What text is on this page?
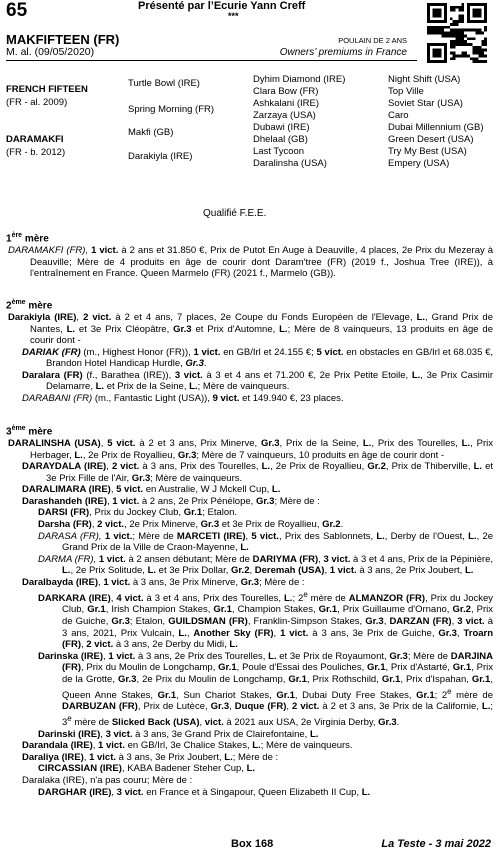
65	Présenté par l’Ecurie Yann Creff
***
MAKFIFTEEN (FR)
M. al. (09/05/2020)
POULAIN DE 2 ANS
Owners’ premiums in France
FRENCH FIFTEEN
(FR - al. 2009)
DARAMAKFI
(FR - b. 2012)
Turtle Bowl (IRE)
Spring Morning (FR)
Makfi (GB)
Darakiyla (IRE)
Dyhim Diamond (IRE)
Clara Bow (FR)
Ashkalani (IRE)
Zarzaya (USA)
Dubawi (IRE)
Dhelaal (GB)
Last Tycoon
Daralinsha (USA)
Night Shift (USA)
Top Ville
Soviet Star (USA)
Caro
Dubai Millennium (GB)
Green Desert (USA)
Try My Best (USA)
Empery (USA)
Qualifié F.E.E.
1ère mère

DARAMAKFI (FR), 1 vict. à 2 ans et 31.850 €, Prix de Putot En Auge à Deauville, 4 places, 2e Prix du Mezeray à Deauville; Mère de 4 produits en âge de courir dont Daram'tree (FR) (2019 f., Joshua Tree (IRE)), à l'entraînement en France. Queen Marmelo (FR) (2021 f., Marmelo (GB)).

2ème mère

Darakiyla (IRE), 2 vict. à 2 et 4 ans, 7 places, 2e Coupe du Fonds Européen de l'Elevage, L., Grand Prix de Nantes, L. et 3e Prix Cléopâtre, Gr.3 et Prix d'Automne, L.; Mère de 8 vainqueurs, 13 produits en âge de courir dont -

DARIAK (FR) (m., Highest Honor (FR)), 1 vict. en GB/Irl et 24.155 €; 5 vict. en obstacles en GB/Irl et 68.035 €, Brandon Hotel Handicap Hurdle, Gr.3.

Daralara (FR) (f., Barathea (IRE)), 3 vict. à 3 et 4 ans et 71.200 €, 2e Prix Petite Etoile, L., 3e Prix Casimir Delamarre, L. et Prix de la Seine, L.; Mère de vainqueurs.

DARABANI (FR) (m., Fantastic Light (USA)), 9 vict. et 149.940 €, 23 places.

3ème mère

DARALINSHA (USA), 5 vict. à 2 et 3 ans, Prix Minerve, Gr.3, Prix de la Seine, L., Prix des Tourelles, L., Prix Herbager, L., 2e Prix de Royallieu, Gr.3; Mère de 7 vainqueurs, 10 produits en âge de courir dont -

DARAYDALA (IRE), 2 vict. à 3 ans, Prix des Tourelles, L., 2e Prix de Royallieu, Gr.2, Prix de Thiberville, L. et 3e Prix Fille de l'Air, Gr.3; Mère de vainqueurs.

DARALIMARA (IRE), 5 vict. en Australie, W J Mckell Cup, L.

Darashandeh (IRE), 1 vict. à 2 ans, 2e Prix Pénélope, Gr.3; Mère de :

DARSI (FR), Prix du Jockey Club, Gr.1; Etalon.

Darsha (FR), 2 vict., 2e Prix Minerve, Gr.3 et 3e Prix de Royallieu, Gr.2.

DARASA (FR), 1 vict.; Mère de MARCETI (IRE), 5 vict., Prix des Sablonnets, L., Derby de l'Ouest, L., 2e Grand Prix de la Ville de Craon-Mayenne, L.

DARMA (FR), 1 vict. à 2 ansen débutant; Mère de DARIYMA (FR), 3 vict. à 3 et 4 ans, Prix de la Pépinière, L., 2e Prix Solitude, L. et 3e Prix Dollar, Gr.2, Deremah (USA), 1 vict. à 3 ans, 2e Prix Joubert, L.

Daralbayda (IRE), 1 vict. à 3 ans, 3e Prix Minerve, Gr.3; Mère de :

DARKARA (IRE), 4 vict. à 3 et 4 ans, Prix des Tourelles, L.; 2e mère de ALMANZOR (FR), Prix du Jockey Club, Gr.1, Irish Champion Stakes, Gr.1, Champion Stakes, Gr.1, Prix Guillaume d'Ornano, Gr.2, Prix de Guiche, Gr.3; Etalon, GUILDSMAN (FR), Franklin-Simpson Stakes, Gr.3, DARZAN (FR), 3 vict. à 3 ans, 2021, Prix Vulcain, L., Another Sky (FR), 1 vict. à 3 ans, 3e Prix de Guiche, Gr.3, Troarn (FR), 2 vict. à 3 ans, 2e Derby du Midi, L.

Darinska (IRE), 1 vict. à 3 ans, 2e Prix des Tourelles, L. et 3e Prix de Royaumont, Gr.3; Mère de DARJINA (FR), Prix du Moulin de Longchamp, Gr.1, Poule d'Essai des Pouliches, Gr.1, Prix d'Astarté, Gr.1, Prix de la Grotte, Gr.3, 2e Prix du Moulin de Longchamp, Gr.1, Prix Rothschild, Gr.1, Prix d'Ispahan, Gr.1, Queen Anne Stakes, Gr.1, Sun Chariot Stakes, Gr.1, Dubai Duty Free Stakes, Gr.1; 2e mère de DARBUZAN (FR), Prix de Lutèce, Gr.3, Duque (FR), 2 vict. à 2 et 3 ans, 3e Prix de la Californie, L.; 3e mère de Slicked Back (USA), vict. à 2021 aux USA, 2e Virginia Derby, Gr.3.

Darinski (IRE), 3 vict. à 3 ans, 3e Grand Prix de Clairefontaine, L.

Darandala (IRE), 1 vict. en GB/Irl, 3e Chalice Stakes, L.; Mère de vainqueurs.

Daraliya (IRE), 1 vict. à 3 ans, 3e Prix Joubert, L.; Mère de :

CIRCASSIAN (IRE), KABA Badener Steher Cup, L.

Daralaka (IRE), n'a pas couru; Mère de :

DARGHAR (IRE), 3 vict. en France et à Singapour, Queen Elizabeth II Cup, L.

Box 168	La Teste - 3 mai 2022
